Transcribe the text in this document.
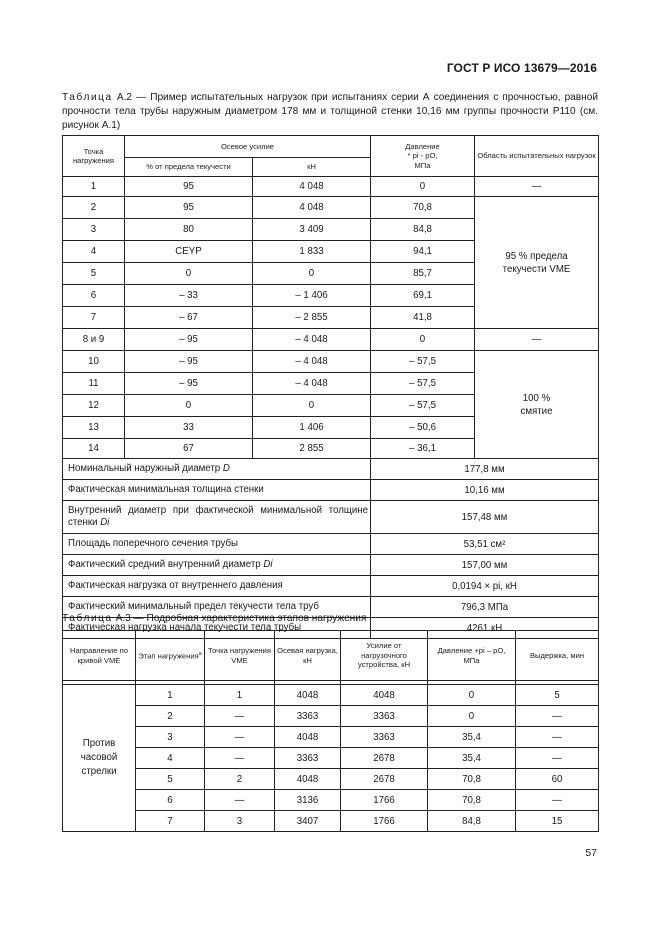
ГОСТ Р ИСО 13679—2016
Таблица А.2 — Пример испытательных нагрузок при испытаниях серии А соединения с прочностью, равной прочности тела трубы наружным диаметром 178 мм и толщиной стенки 10,16 мм группы прочности P110 (см. рисунок А.1)
Точка нагружения	Осевое усилие		Давление
* pi - pO,
МПа	Область испытательных нагрузок
	% от предела текучести	кН		
1	95	4 048	0	—
2	95	4 048	70,8	95 % предела
текучести VME

3	80	3 409	84,8	
4	CEYP	1 833	94,1	
5	0	0	85,7	
6	– 33	– 1 406	69,1	
7	– 67	– 2 855	41,8	
8 и 9	– 95	– 4 048	0	—
10	– 95	– 4 048	– 57,5	100 %
смятие

11	– 95	– 4 048	– 57,5	
12	0	0	– 57,5	
13	33	1 406	– 50,6	
14	67	2 855	– 36,1	
Номинальный наружный диаметр D			177,8 мм	
Фактическая минимальная толщина стенки			10,16 мм	
Внутренний диаметр при фактической минимальной толщине стенки Di			157,48 мм	
Площадь поперечного сечения трубы			53,51 см²	
Фактический средний внутренний диаметр Di			157,00 мм	
Фактическая нагрузка от внутреннего давления			0,0194 × pi, кН	
Фактический минимальный предел текучести тела труб			796,3 МПа	
Фактическая нагрузка начала текучести тела трубы			4261 кН	
Таблица А.3 — Подробная характеристика этапов нагружения
Направление по кривой VME	Этап нагружения$^a$	Точка нагружения VME	Осевая нагрузка, кН	Усилие от нагрузочного устройства, кН	Давление +pi – pO, МПа	Выдержка, мин

Против часовой стрелки	1	1	4048	4048	0	5
	2	—	3363	3363	0	—
	3	—	4048	3363	35,4	—
	4	—	3363	2678	35,4	—
	5	2	4048	2678	70,8	60
	6	—	3136	1766	70,8	—
	7	3	3407	1766	84,8	15
57
